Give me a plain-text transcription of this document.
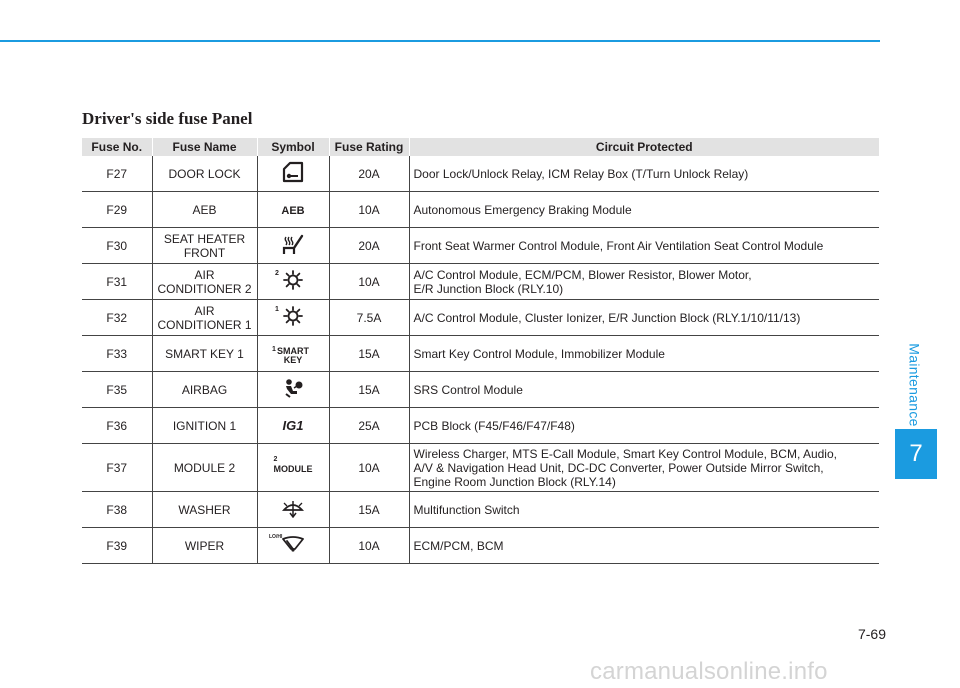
Driver's side fuse Panel
Fuse No.	Fuse Name	Symbol	Fuse Rating	Circuit Protected
F27	DOOR LOCK		20A	Door Lock/Unlock Relay, ICM Relay Box (T/Turn Unlock Relay)
F29	AEB	AEB	10A	Autonomous Emergency Braking Module
F30	SEAT HEATER
FRONT		20A	Front Seat Warmer Control Module, Front Air Ventilation Seat Control Module
F31	AIR
CONDITIONER 2	2	10A	A/C Control Module, ECM/PCM, Blower Resistor, Blower Motor,
E/R Junction Block (RLY.10)
F32	AIR
CONDITIONER 1	1	7.5A	A/C Control Module, Cluster Ionizer, E/R Junction Block (RLY.1/10/11/13)
F33	SMART KEY 1	1 SMART
KEY	15A	Smart Key Control Module, Immobilizer Module
F35	AIRBAG		15A	SRS Control Module
F36	IGNITION 1	IG1	25A	PCB Block (F45/F46/F47/F48)
F37	MODULE 2	2
MODULE	10A	Wireless Charger, MTS E-Call Module, Smart Key Control Module, BCM, Audio,
A/V & Navigation Head Unit, DC-DC Converter, Power Outside Mirror Switch,
Engine Room Junction Block (RLY.14)
F38	WASHER		15A	Multifunction Switch
F39	WIPER	LO/HI	10A	ECM/PCM, BCM
Maintenance
7
7-69
carmanualsonline.info
